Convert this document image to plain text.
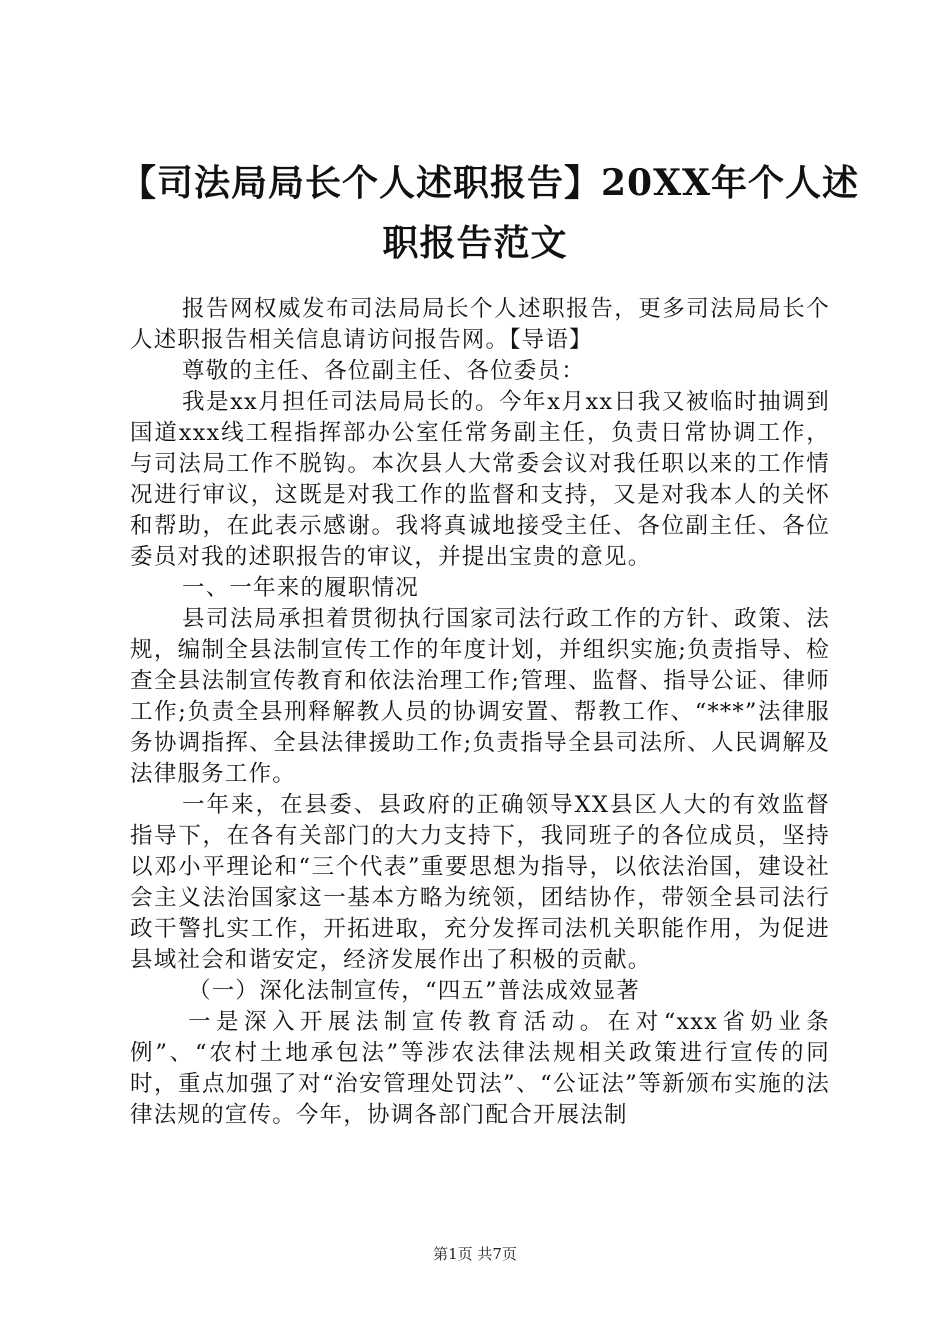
【司法局局长个人述职报告】20XX年个人述
职报告范文

报告网权威发布司法局局长个人述职报告，更多司法局局长个人述职报告相关信息请访问报告网。【导语】

尊敬的主任、各位副主任、各位委员：

我是xx月担任司法局局长的。今年x月xx日我又被临时抽调到国道xxx线工程指挥部办公室任常务副主任，负责日常协调工作，与司法局工作不脱钩。本次县人大常委会议对我任职以来的工作情况进行审议，这既是对我工作的监督和支持，又是对我本人的关怀和帮助，在此表示感谢。我将真诚地接受主任、各位副主任、各位委员对我的述职报告的审议，并提出宝贵的意见。

一、一年来的履职情况

县司法局承担着贯彻执行国家司法行政工作的方针、政策、法规，编制全县法制宣传工作的年度计划，并组织实施;负责指导、检查全县法制宣传教育和依法治理工作;管理、监督、指导公证、律师工作;负责全县刑释解教人员的协调安置、帮教工作、“***”法律服务协调指挥、全县法律援助工作;负责指导全县司法所、人民调解及法律服务工作。

一年来，在县委、县政府的正确领导XX县区人大的有效监督指导下，在各有关部门的大力支持下，我同班子的各位成员，坚持以邓小平理论和“三个代表”重要思想为指导，以依法治国，建设社会主义法治国家这一基本方略为统领，团结协作，带领全县司法行政干警扎实工作，开拓进取，充分发挥司法机关职能作用，为促进县域社会和谐安定，经济发展作出了积极的贡献。

（一）深化法制宣传，“四五”普法成效显著

一是深入开展法制宣传教育活动。在对“xxx省奶业条例”、“农村土地承包法”等涉农法律法规相关政策进行宣传的同时，重点加强了对“治安管理处罚法”、“公证法”等新颁布实施的法律法规的宣传。今年，协调各部门配合开展法制

第1页 共7页
